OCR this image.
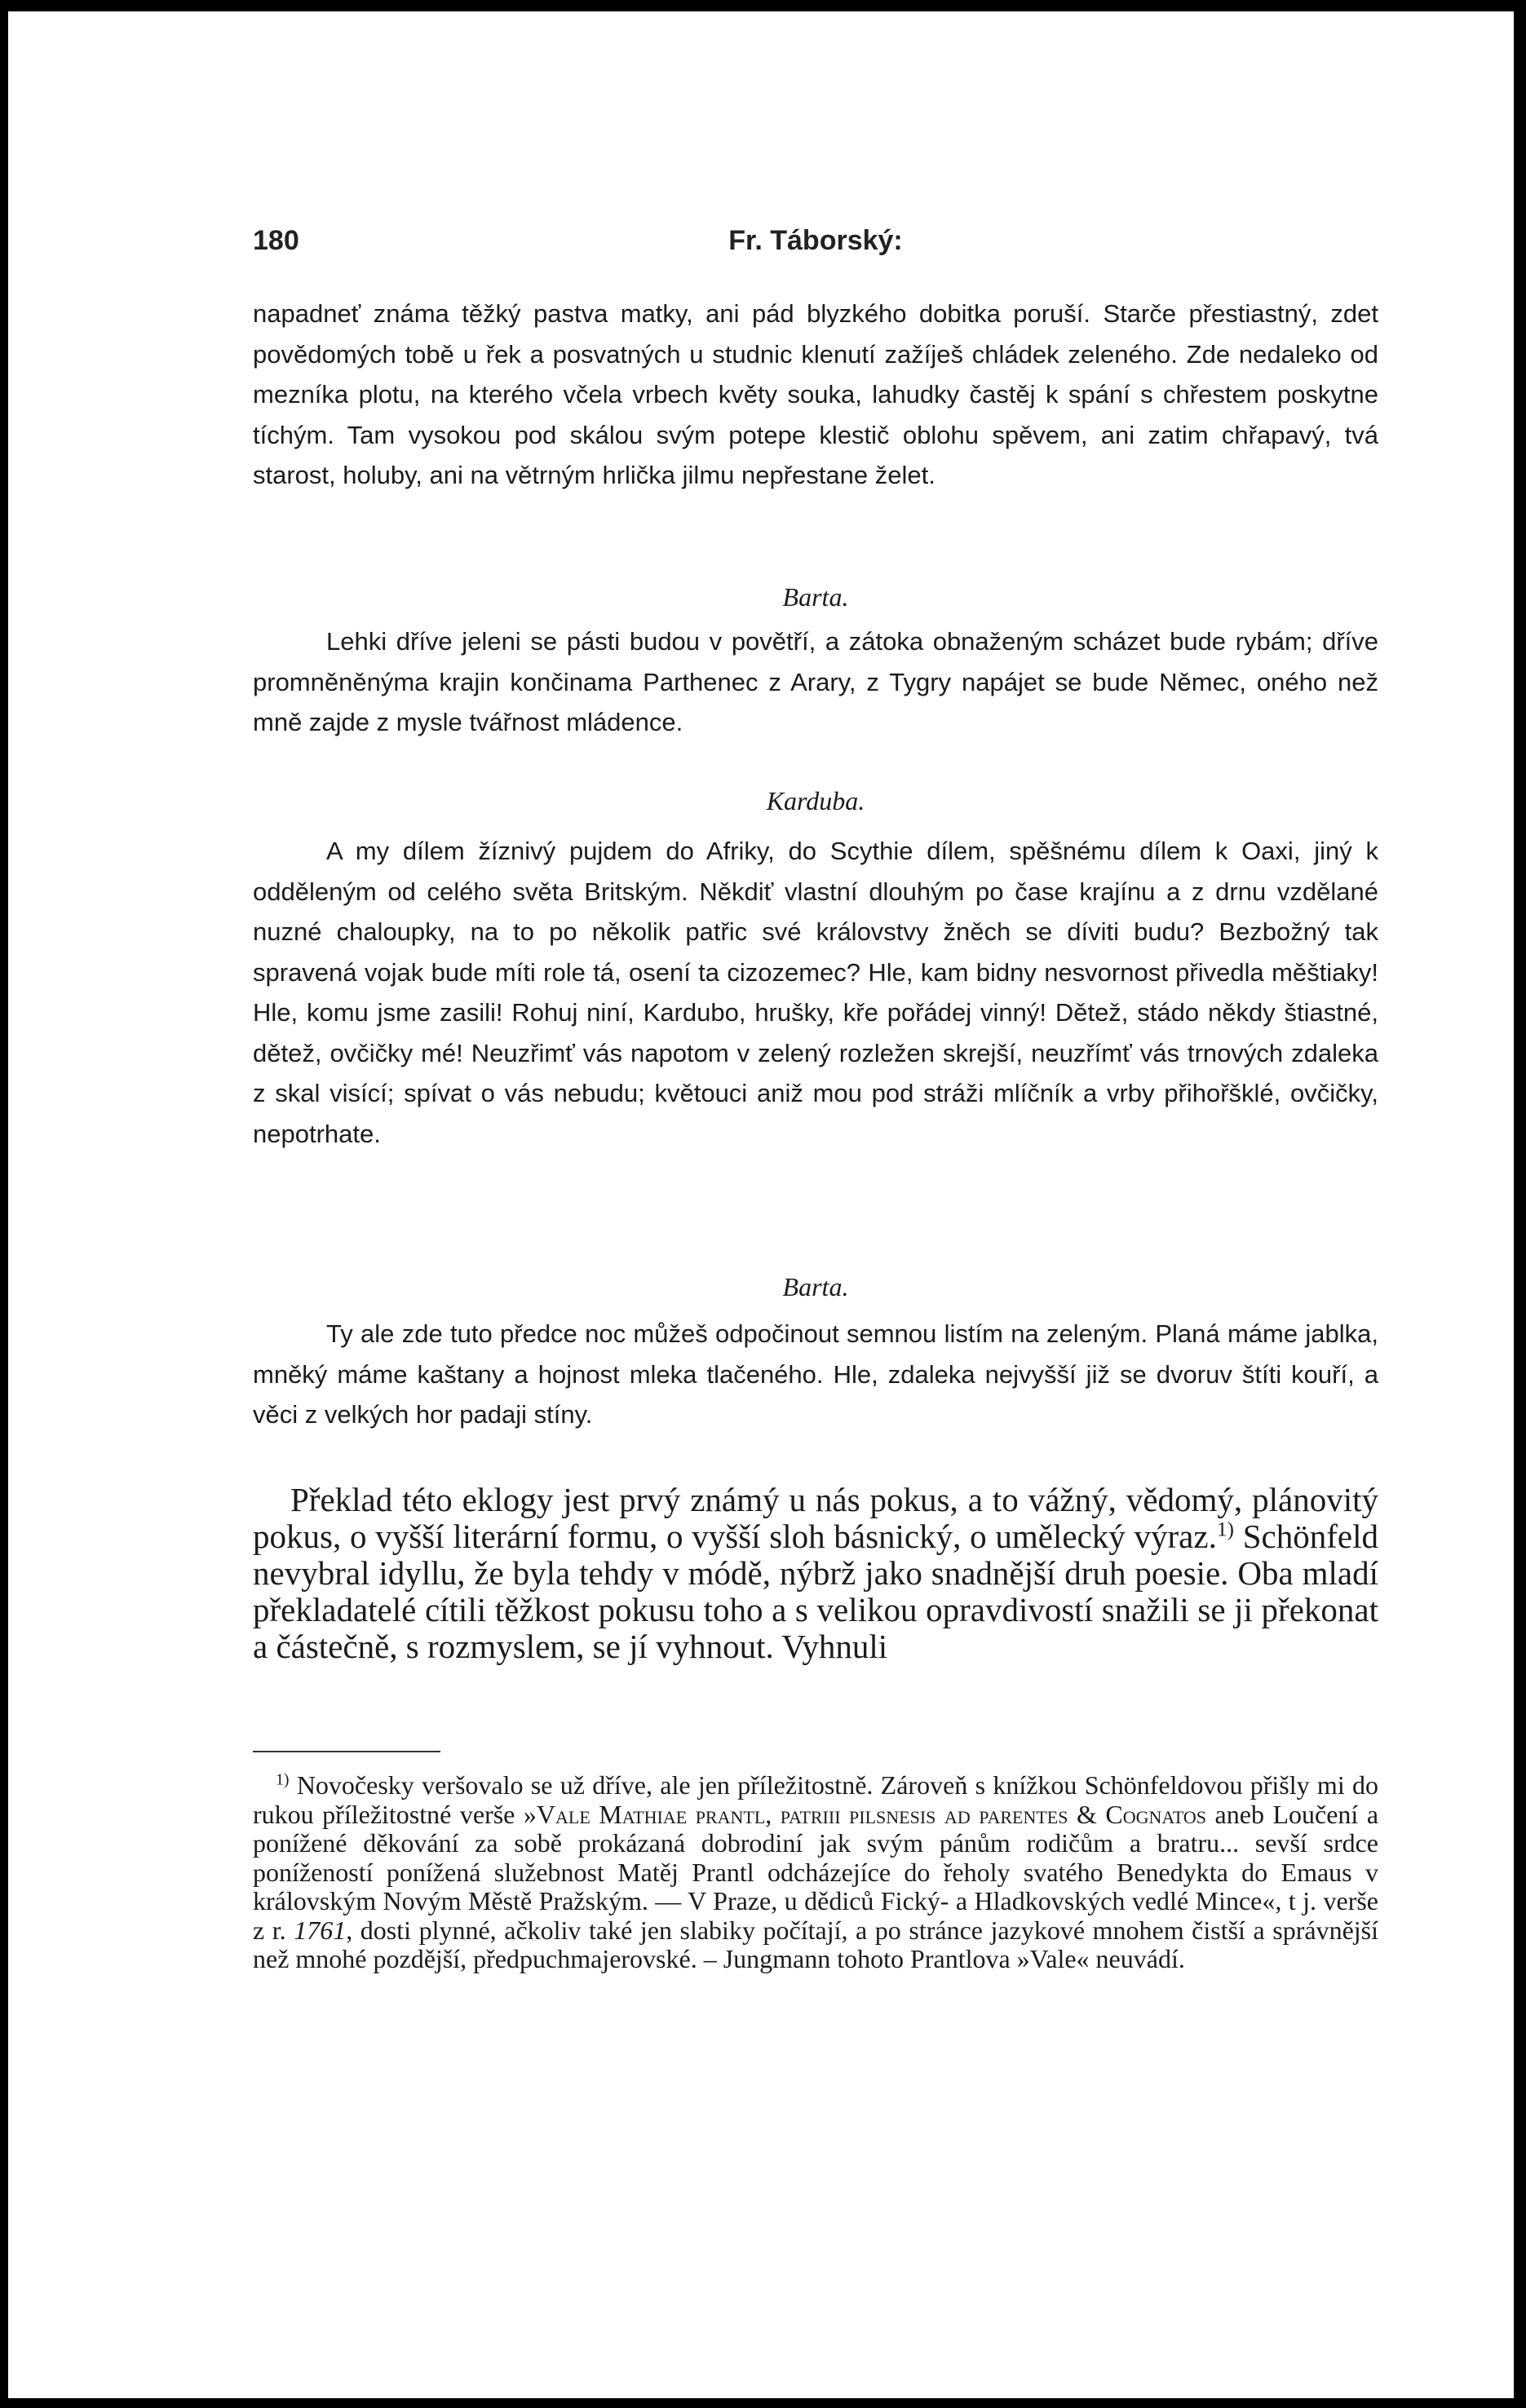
180	Fr. Táborský:

napadneť známa těžký pastva matky, ani pád blyzkého dobitka poruší. Starče přestiastný, zdet povědomých tobě u řek a posvatných u studnic klenutí zažíješ chládek zeleného. Zde nedaleko od mezníka plotu, na kterého včela vrbech květy souka, lahudky častěj k spání s chřestem poskytne tíchým. Tam vysokou pod skálou svým potepe klestič oblohu spěvem, ani zatim chřapavý, tvá starost, holuby, ani na větrným hrlička jilmu nepřestane želet.

Barta.

Lehki dříve jeleni se pásti budou v povětří, a zátoka obnaženým scházet bude rybám; dříve promněněnýma krajin končinama Parthenec z Arary, z Tygry napájet se bude Němec, oného než mně zajde z mysle tvářnost mládence.

Karduba.

A my dílem žíznivý pujdem do Afriky, do Scythie dílem, spěšnému dílem k Oaxi, jiný k odděleným od celého světa Britským. Někdiť vlastní dlouhým po čase krajínu a z drnu vzdělané nuzné chaloupky, na to po několik patřic své královstvy žněch se díviti budu? Bezbožný tak spravená vojak bude míti role tá, osení ta cizozemec? Hle, kam bidny nesvornost přivedla měštiaky! Hle, komu jsme zasili! Rohuj niní, Kardubo, hrušky, kře pořádej vinný! Dětež, stádo někdy štiastné, dětež, ovčičky mé! Neuzřimť vás napotom v zelený rozležen skrejší, neuzřímť vás trnových zdaleka z skal visící; spívat o vás nebudu; květouci aniž mou pod stráži mlíčník a vrby přihořšklé, ovčičky, nepotrhate.

Barta.

Ty ale zde tuto předce noc můžeš odpočinout semnou listím na zeleným. Planá máme jablka, mněký máme kaštany a hojnost mleka tlačeného. Hle, zdaleka nejvyšší již se dvoruv štíti kouří, a věci z velkých hor padaji stíny.

Překlad této eklogy jest prvý známý u nás pokus, a to vážný, vědomý, plánovitý pokus, o vyšší literární formu, o vyšší sloh básnický, o umělecký výraz.$^{1)}$ Schönfeld nevybral idyllu, že byla tehdy v módě, nýbrž jako snadnější druh poesie. Oba mladí překladatelé cítili těžkost pokusu toho a s velikou opravdivostí snažili se ji překonat a částečně, s rozmyslem, se jí vyhnout. Vyhnuli

$^{1)}$ Novočesky veršovalo se už dříve, ale jen příležitostně. Zároveň s knížkou Schönfeldovou přišly mi do rukou příležitostné verše »Vale Mathiae prantl, patriii pilsnesis ad parentes & Cognatos aneb Loučení a ponížené děkování za sobě prokázaná dobrodiní jak svým pánům rodičům a bratru... sevší srdce ponížeností ponížená služebnost Matěj Prantl odcházejíce do řeholy svatého Benedykta do Emaus v královským Novým Městě Pražským. — V Praze, u dědiců Fický- a Hladkovských vedlé Mince«, t j. verše z r. 1761, dosti plynné, ačkoliv také jen slabiky počítají, a po stránce jazykové mnohem čistší a správnější než mnohé pozdější, předpuchmajerovské. – Jungmann tohoto Prantlova »Vale« neuvádí.
